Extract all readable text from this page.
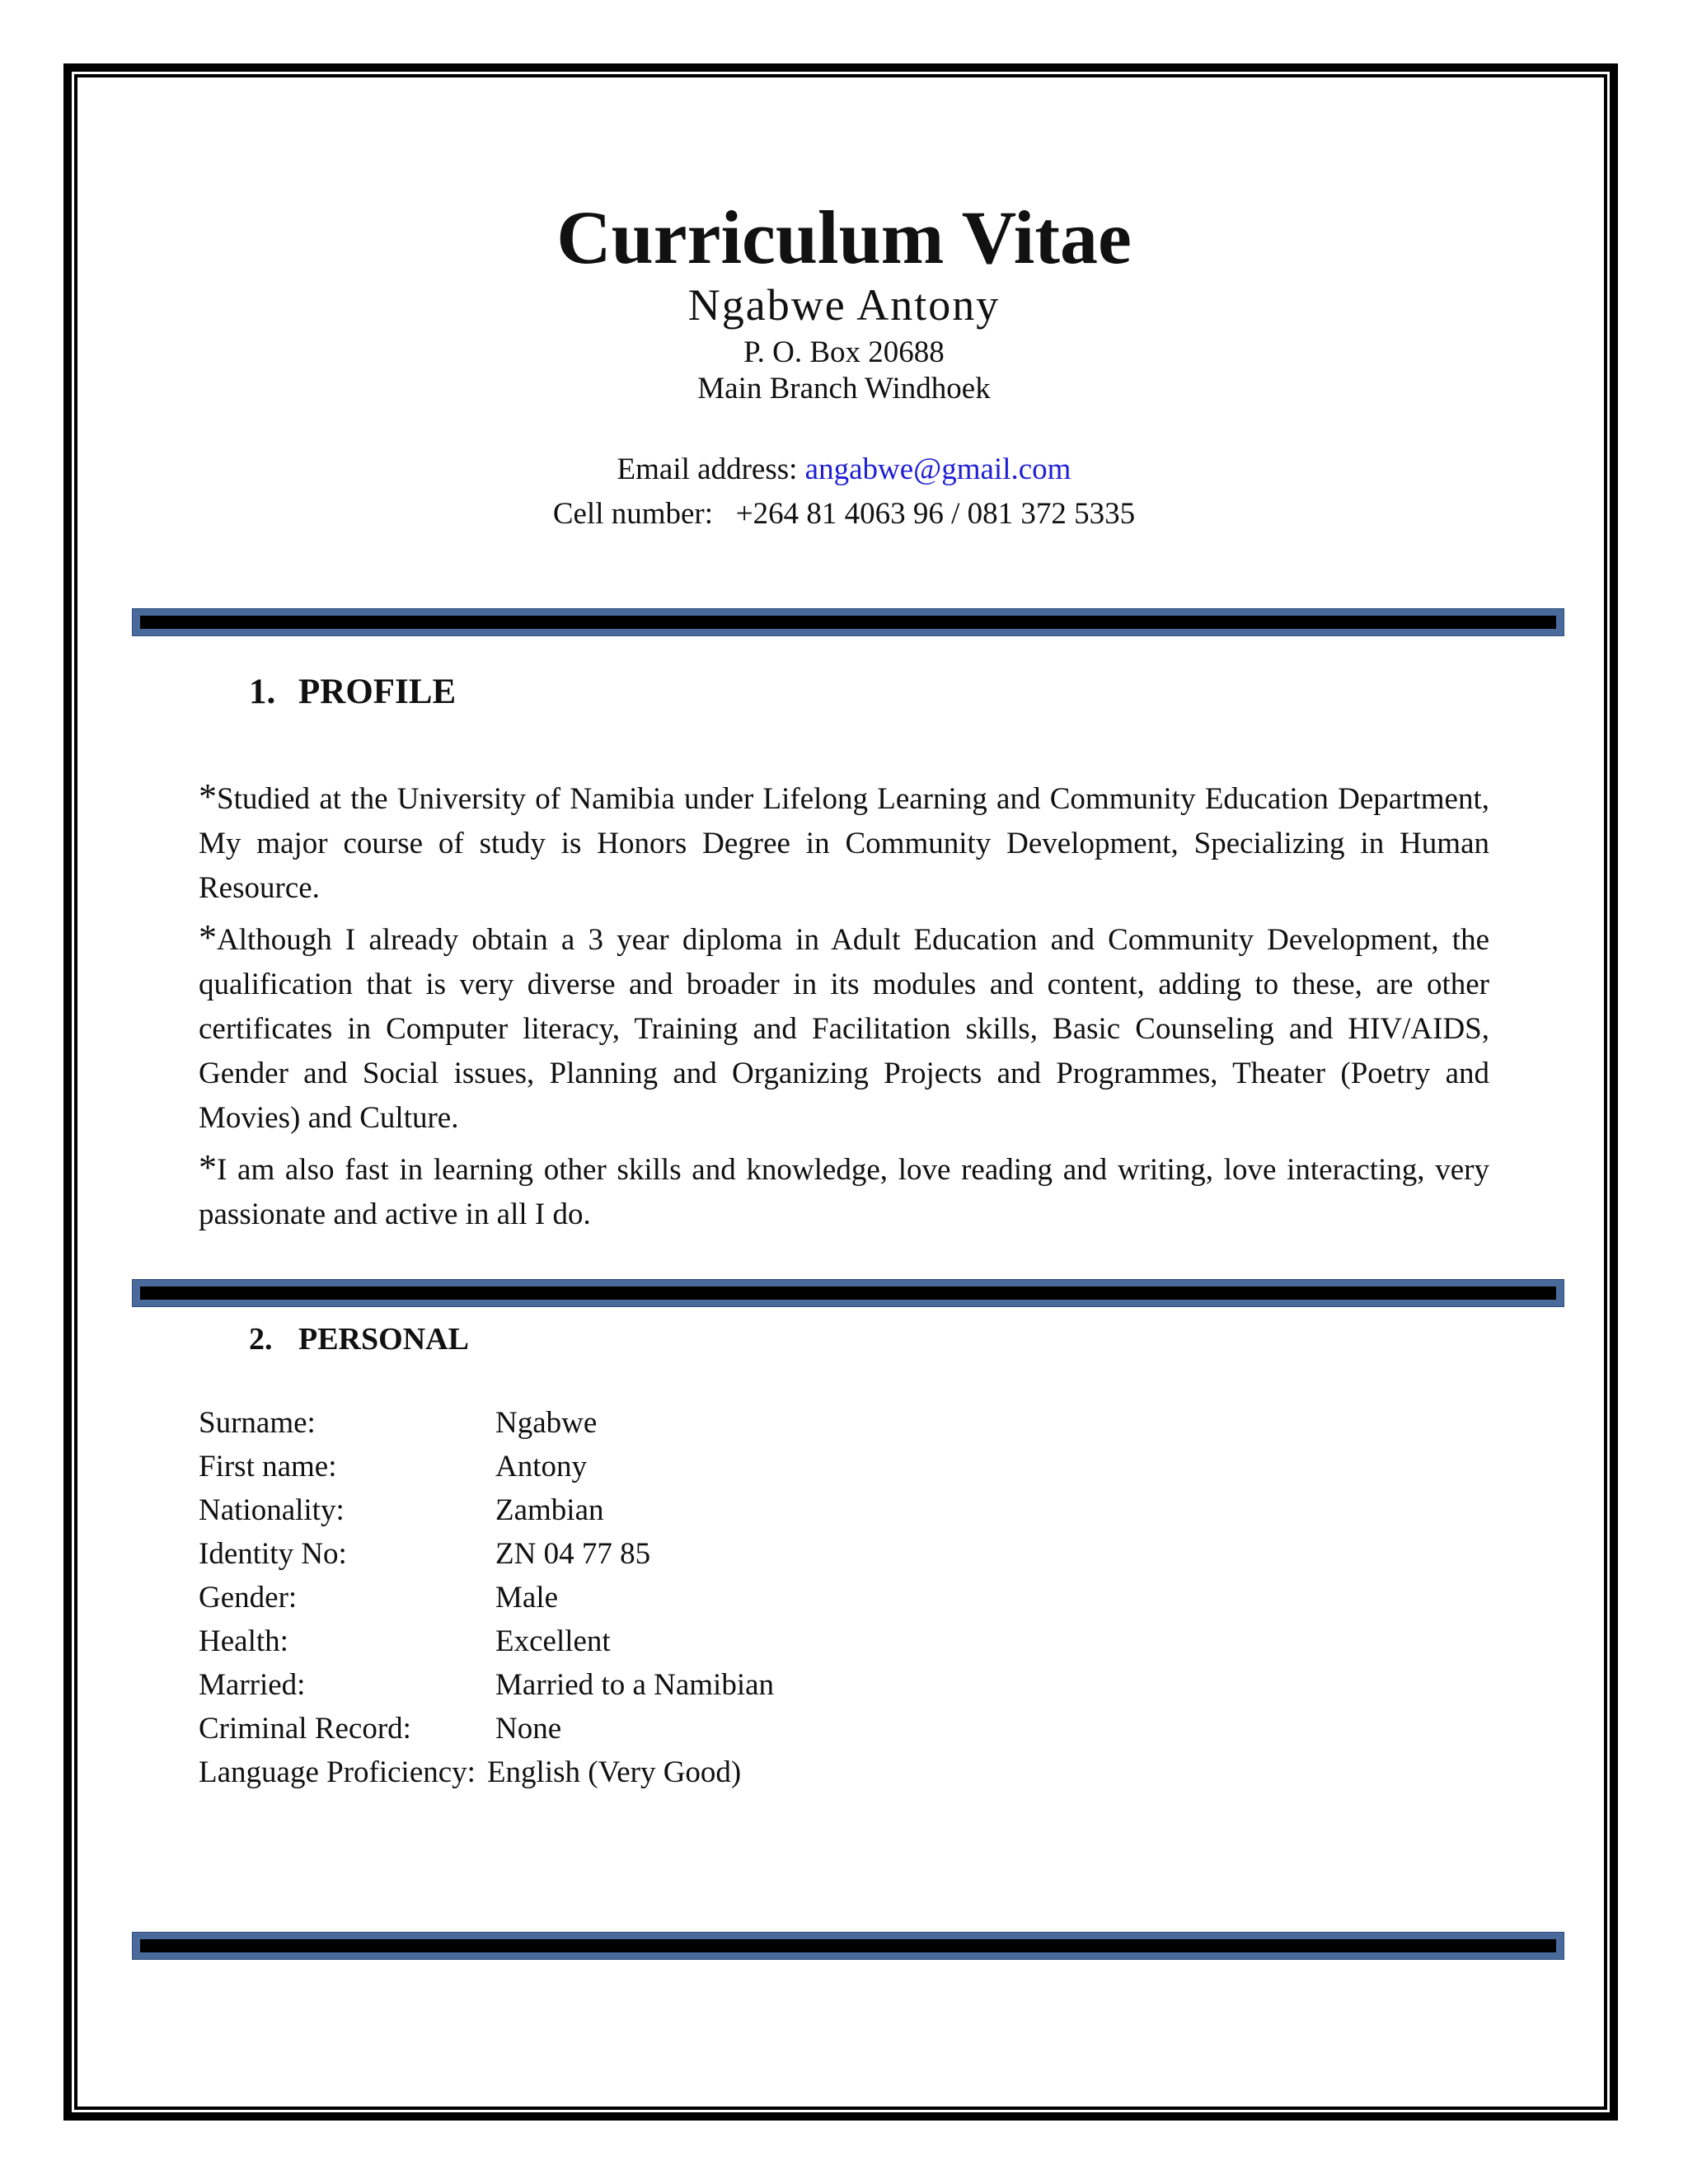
Curriculum Vitae
Ngabwe Antony
P. O. Box 20688
Main Branch Windhoek
Email address: angabwe@gmail.com
Cell number: +264 81 4063 96 / 081 372 5335
1. PROFILE

*Studied at the University of Namibia under Lifelong Learning and Community Education Department, My major course of study is Honors Degree in Community Development, Specializing in Human Resource.

*Although I already obtain a 3 year diploma in Adult Education and Community Development, the qualification that is very diverse and broader in its modules and content, adding to these, are other certificates in Computer literacy, Training and Facilitation skills, Basic Counseling and HIV/AIDS, Gender and Social issues, Planning and Organizing Projects and Programmes, Theater (Poetry and Movies) and Culture.

*I am also fast in learning other skills and knowledge, love reading and writing, love interacting, very passionate and active in all I do.

2. PERSONAL
Surname:	Ngabwe
First name:	Antony
Nationality:	Zambian
Identity No:	ZN 04 77 85
Gender:	Male
Health:	Excellent
Married:	Married to a Namibian
Criminal Record:	None
Language Proficiency: English (Very Good)
